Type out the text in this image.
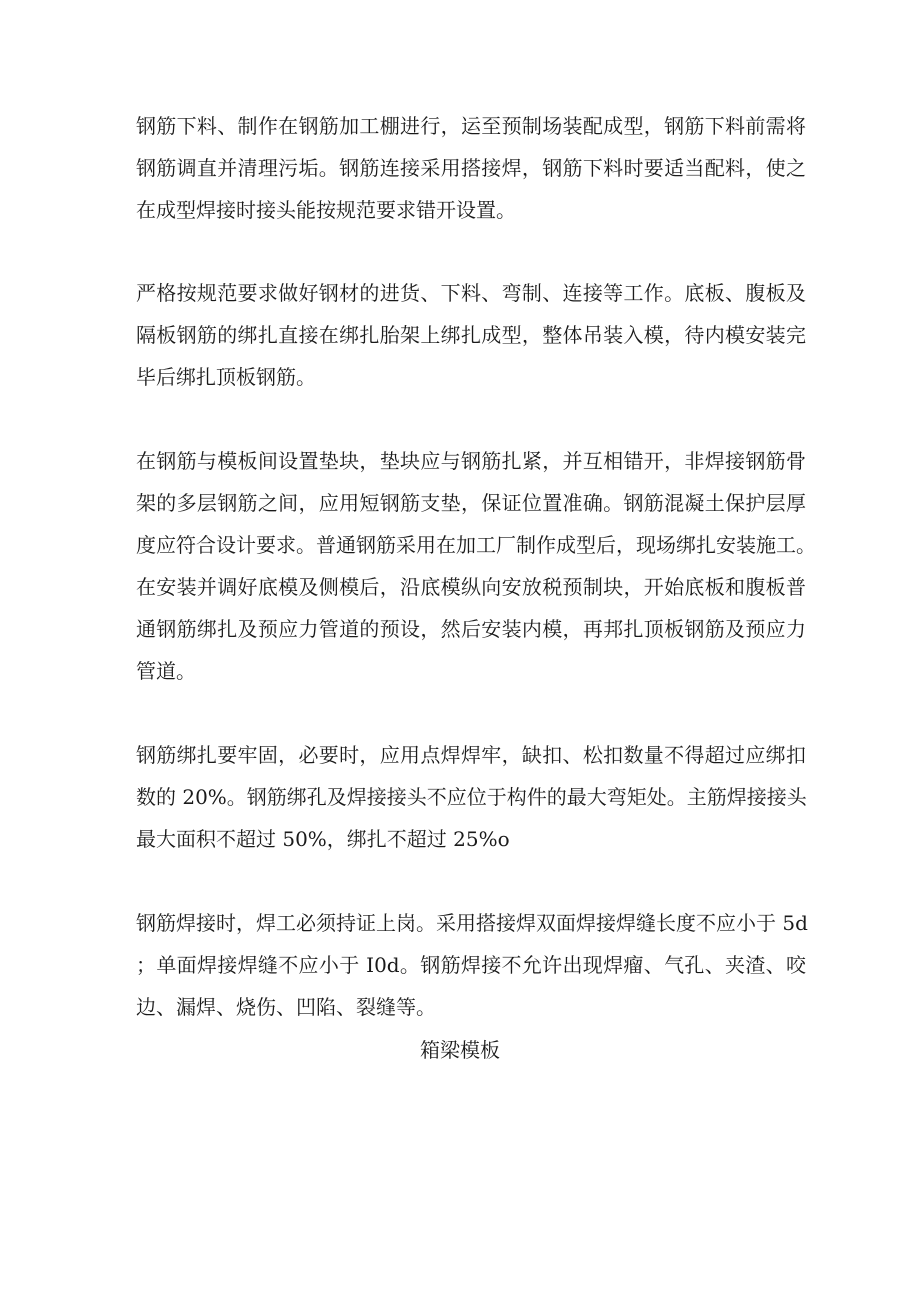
钢筋下料、制作在钢筋加工棚进行，运至预制场装配成型，钢筋下料前需将
钢筋调直并清理污垢。钢筋连接采用搭接焊，钢筋下料时要适当配料，使之
在成型焊接时接头能按规范要求错开设置。
严格按规范要求做好钢材的进货、下料、弯制、连接等工作。底板、腹板及
隔板钢筋的绑扎直接在绑扎胎架上绑扎成型，整体吊装入模，待内模安装完
毕后绑扎顶板钢筋。
在钢筋与模板间设置垫块，垫块应与钢筋扎紧，并互相错开，非焊接钢筋骨
架的多层钢筋之间，应用短钢筋支垫，保证位置准确。钢筋混凝土保护层厚
度应符合设计要求。普通钢筋采用在加工厂制作成型后，现场绑扎安装施工。
在安装并调好底模及侧模后，沿底模纵向安放税预制块，开始底板和腹板普
通钢筋绑扎及预应力管道的预设，然后安装内模，再邦扎顶板钢筋及预应力
管道。
钢筋绑扎要牢固，必要时，应用点焊焊牢，缺扣、松扣数量不得超过应绑扣
数的 20%。钢筋绑孔及焊接接头不应位于构件的最大弯矩处。主筋焊接接头
最大面积不超过 50%，绑扎不超过 25%o
钢筋焊接时，焊工必须持证上岗。采用搭接焊双面焊接焊缝长度不应小于 5d
；单面焊接焊缝不应小于 I0d。钢筋焊接不允许出现焊瘤、气孔、夹渣、咬
边、漏焊、烧伤、凹陷、裂缝等。
箱梁模板
